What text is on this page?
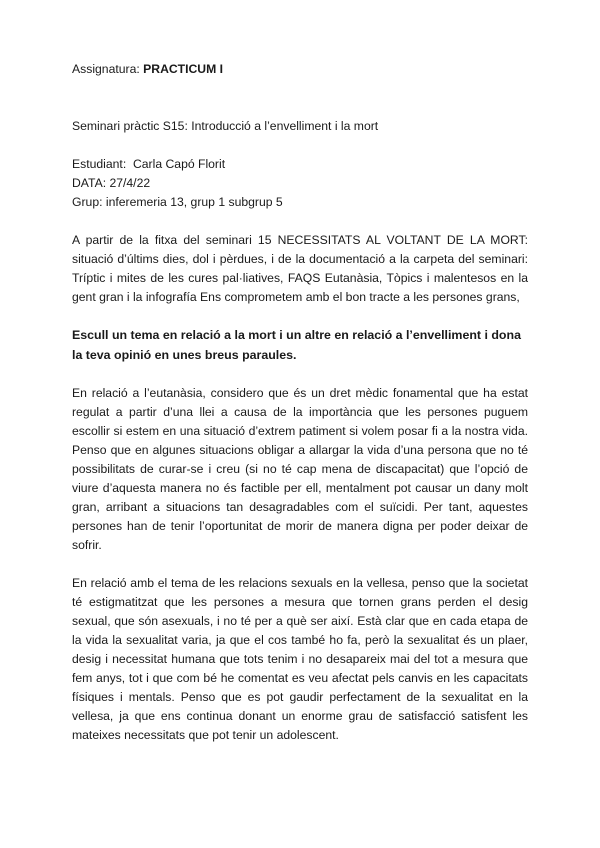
Assignatura: PRACTICUM I

Seminari pràctic S15: Introducció a l’envelliment i la mort

Estudiant:  Carla Capó Florit

DATA: 27/4/22

Grup: inferemeria 13, grup 1 subgrup 5

A partir de la fitxa del seminari 15 NECESSITATS AL VOLTANT DE LA MORT: situació d’últims dies, dol i pèrdues, i de la documentació a la carpeta del seminari: Tríptic i mites de les cures pal·liatives, FAQS Eutanàsia, Tòpics i malentesos en la gent gran i la infografía Ens comprometem amb el bon tracte a les persones grans,

Escull un tema en relació a la mort i un altre en relació a l’envelliment i dona la teva opinió en unes breus paraules.

En relació a l’eutanàsia, considero que és un dret mèdic fonamental que ha estat regulat a partir d’una llei a causa de la importància que les persones puguem escollir si estem en una situació d’extrem patiment si volem posar fi a la nostra vida. Penso que en algunes situacions obligar a allargar la vida d’una persona que no té possibilitats de curar-se i creu (si no té cap mena de discapacitat) que l’opció de viure d’aquesta manera no és factible per ell, mentalment pot causar un dany molt gran, arribant a situacions tan desagradables com el suïcidi. Per tant, aquestes persones han de tenir l’oportunitat de morir de manera digna per poder deixar de sofrir.

En relació amb el tema de les relacions sexuals en la vellesa, penso que la societat té estigmatitzat que les persones a mesura que tornen grans perden el desig sexual, que són asexuals, i no té per a què ser així. Està clar que en cada etapa de la vida la sexualitat varia, ja que el cos també ho fa, però la sexualitat és un plaer, desig i necessitat humana que tots tenim i no desapareix mai del tot a mesura que fem anys, tot i que com bé he comentat es veu afectat pels canvis en les capacitats físiques i mentals. Penso que es pot gaudir perfectament de la sexualitat en la vellesa, ja que ens continua donant un enorme grau de satisfacció satisfent les mateixes necessitats que pot tenir un adolescent.
